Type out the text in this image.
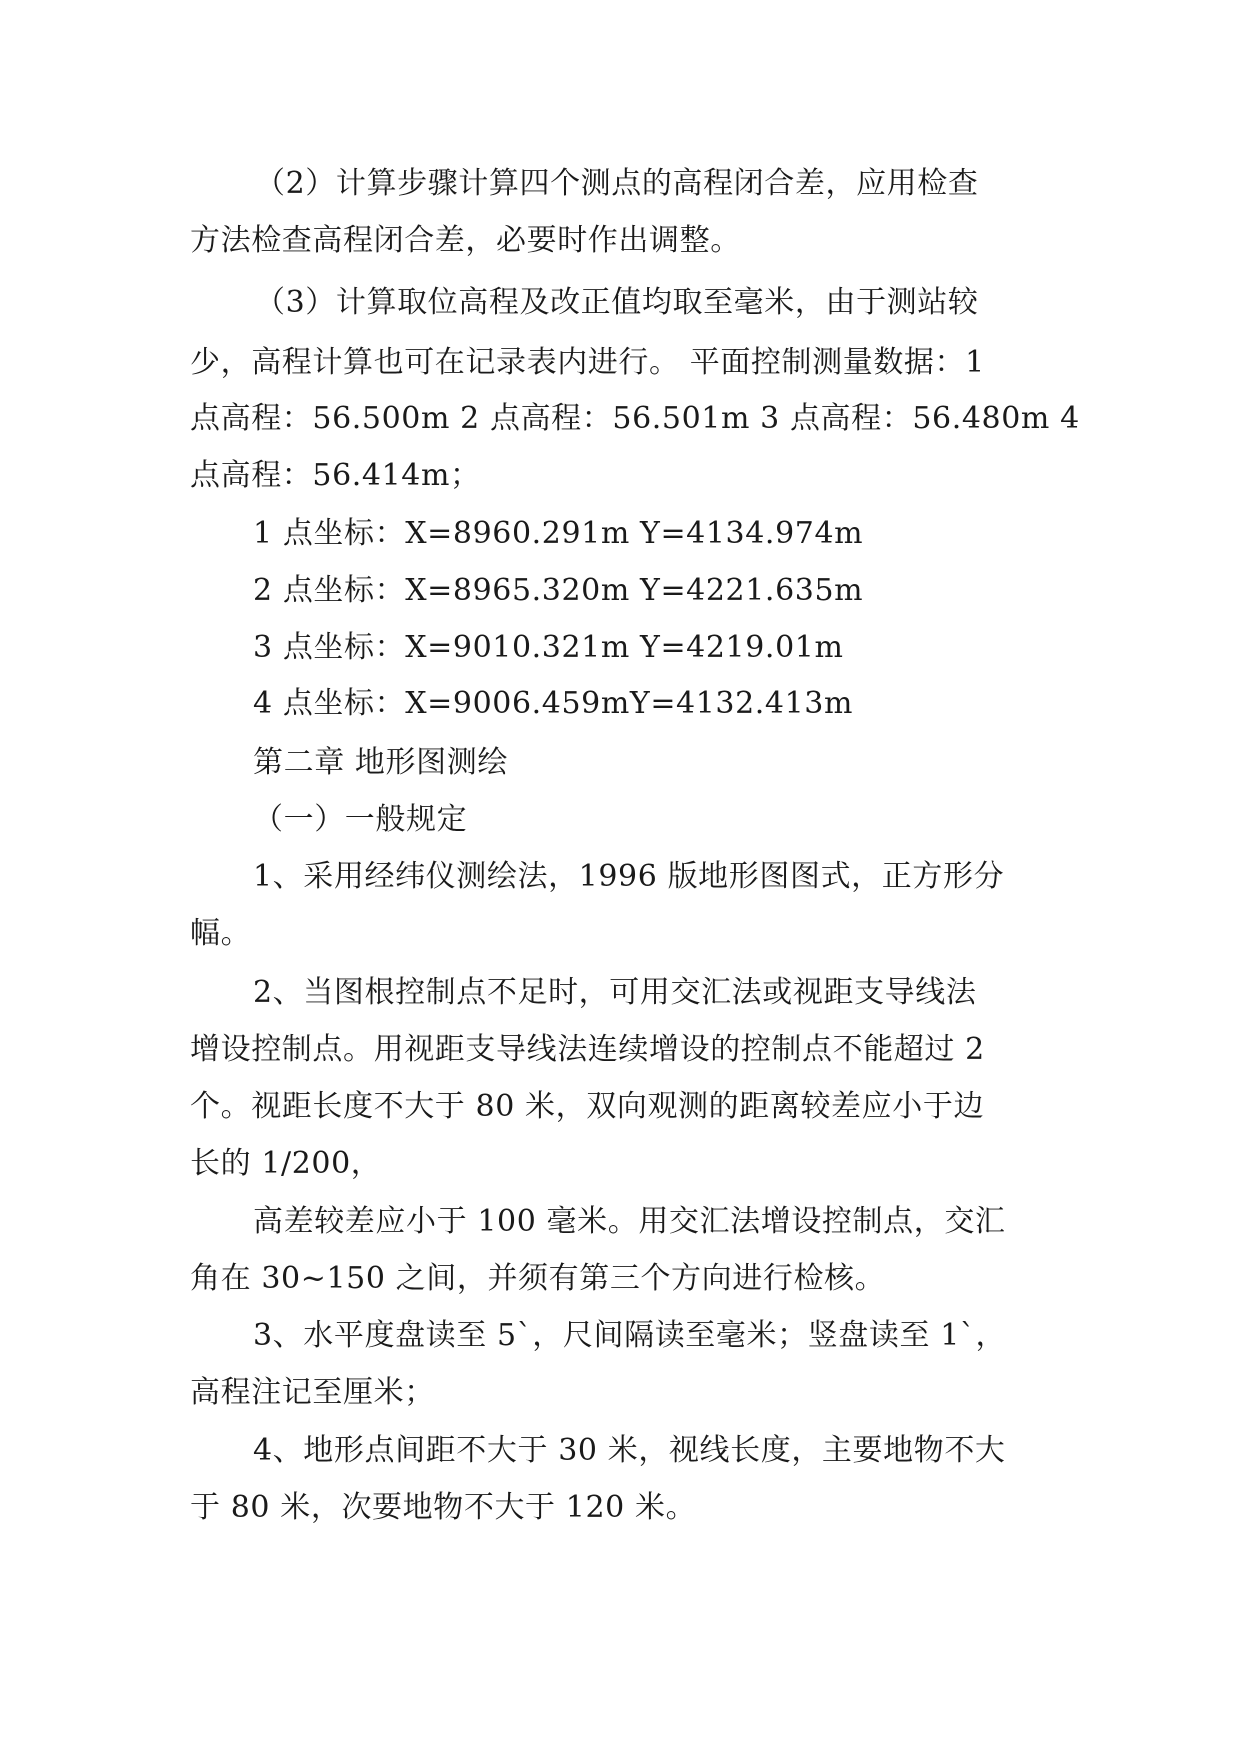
（2）计算步骤计算四个测点的高程闭合差，应用检查
方法检查高程闭合差，必要时作出调整。
（3）计算取位高程及改正值均取至毫米，由于测站较
少，高程计算也可在记录表内进行。 平面控制测量数据：1
点高程：56.500m 2 点高程：56.501m 3 点高程：56.480m 4
点高程：56.414m；
1 点坐标：X=8960.291m Y=4134.974m
2 点坐标：X=8965.320m Y=4221.635m
3 点坐标：X=9010.321m Y=4219.01m
4 点坐标：X=9006.459mY=4132.413m
第二章 地形图测绘
（一）一般规定
1、采用经纬仪测绘法，1996 版地形图图式，正方形分
幅。
2、当图根控制点不足时，可用交汇法或视距支导线法
增设控制点。用视距支导线法连续增设的控制点不能超过 2
个。视距长度不大于 80 米，双向观测的距离较差应小于边
长的 1/200，
高差较差应小于 100 毫米。用交汇法增设控制点，交汇
角在 30~150 之间，并须有第三个方向进行检核。
3、水平度盘读至 5`，尺间隔读至毫米；竖盘读至 1`，
高程注记至厘米；
4、地形点间距不大于 30 米，视线长度，主要地物不大
于 80 米，次要地物不大于 120 米。
